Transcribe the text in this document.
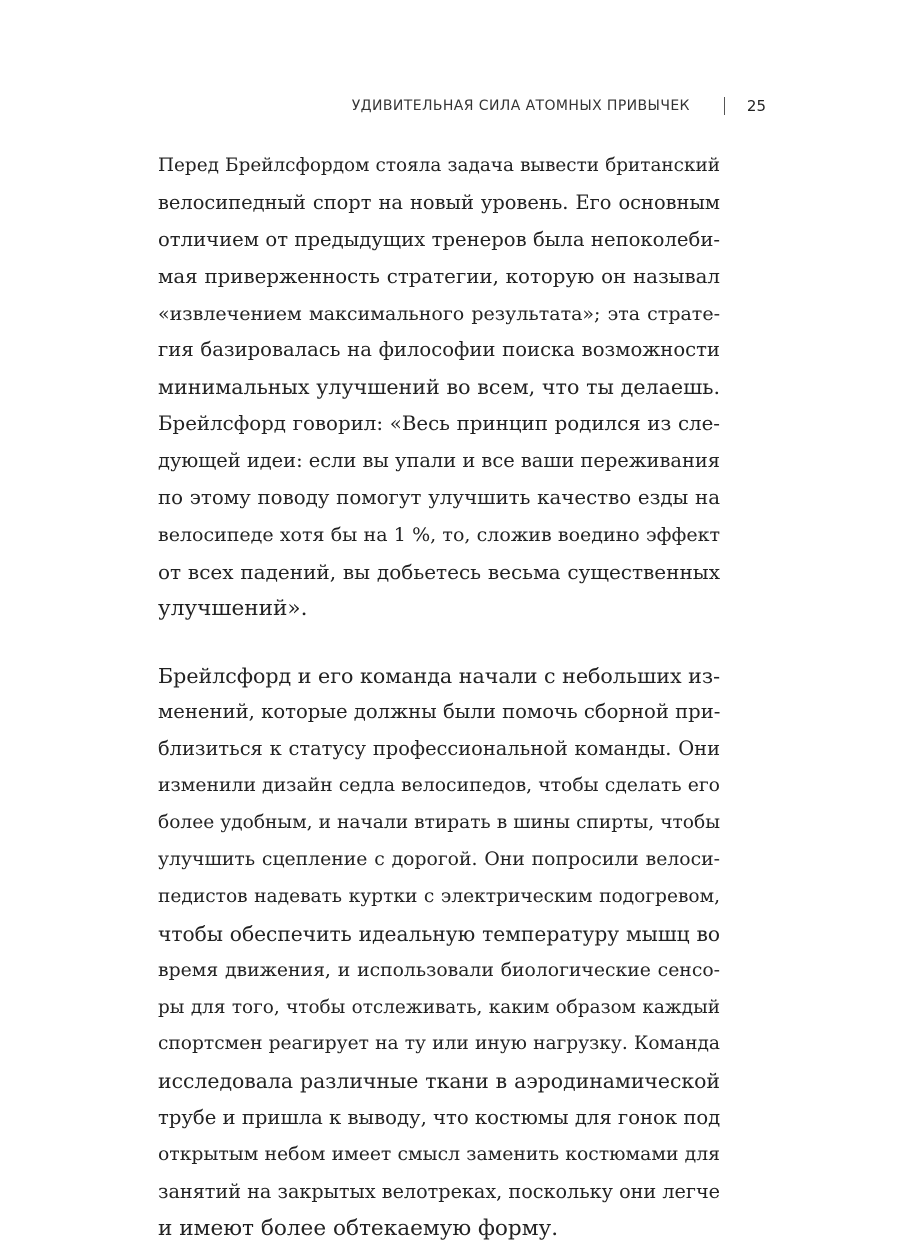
УДИВИТЕЛЬНАЯ СИЛА АТОМНЫХ ПРИВЫЧЕК	25

Перед Брейлсфордом стояла задача вывести британский
велосипедный спорт на новый уровень. Его основным
отличием от предыдущих тренеров была непоколеби-
мая приверженность стратегии, которую он называл
«извлечением максимального результата»; эта страте-
гия базировалась на философии поиска возможности
минимальных улучшений во всем, что ты делаешь.
Брейлсфорд говорил: «Весь принцип родился из сле-
дующей идеи: если вы упали и все ваши переживания
по этому поводу помогут улучшить качество езды на
велосипеде хотя бы на 1 %, то, сложив воедино эффект
от всех падений, вы добьетесь весьма существенных
улучшений».

Брейлсфорд и его команда начали с небольших из-
менений, которые должны были помочь сборной при-
близиться к статусу профессиональной команды. Они
изменили дизайн седла велосипедов, чтобы сделать его
более удобным, и начали втирать в шины спирты, чтобы
улучшить сцепление с дорогой. Они попросили велоси-
педистов надевать куртки с электрическим подогревом,
чтобы обеспечить идеальную температуру мышц во
время движения, и использовали биологические сенсо-
ры для того, чтобы отслеживать, каким образом каждый
спортсмен реагирует на ту или иную нагрузку. Команда
исследовала различные ткани в аэродинамической
трубе и пришла к выводу, что костюмы для гонок под
открытым небом имеет смысл заменить костюмами для
занятий на закрытых велотреках, поскольку они легче
и имеют более обтекаемую форму.
